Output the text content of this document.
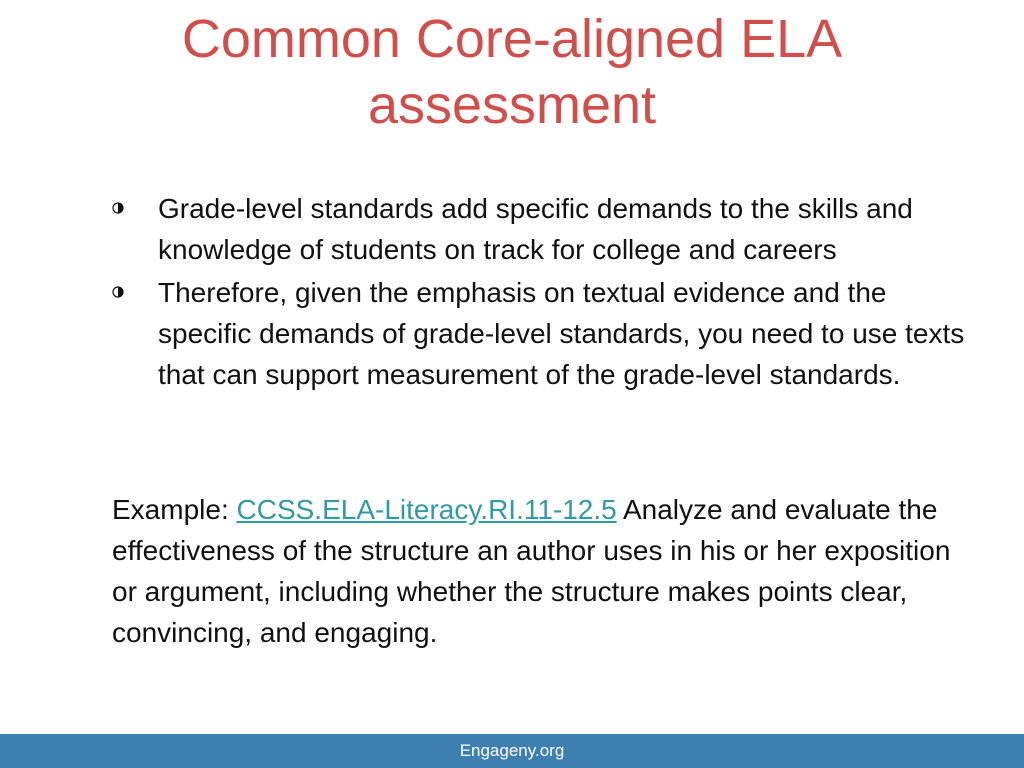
Common Core-aligned ELA
assessment
Grade-level standards add specific demands to the skills and knowledge of students on track for college and careers
Therefore, given the emphasis on textual evidence and the specific demands of grade-level standards, you need to use texts that can support measurement of the grade-level standards.

Example: CCSS.ELA-Literacy.RI.11-12.5 Analyze and evaluate the effectiveness of the structure an author uses in his or her exposition or argument, including whether the structure makes points clear, convincing, and engaging.

Engageny.org
